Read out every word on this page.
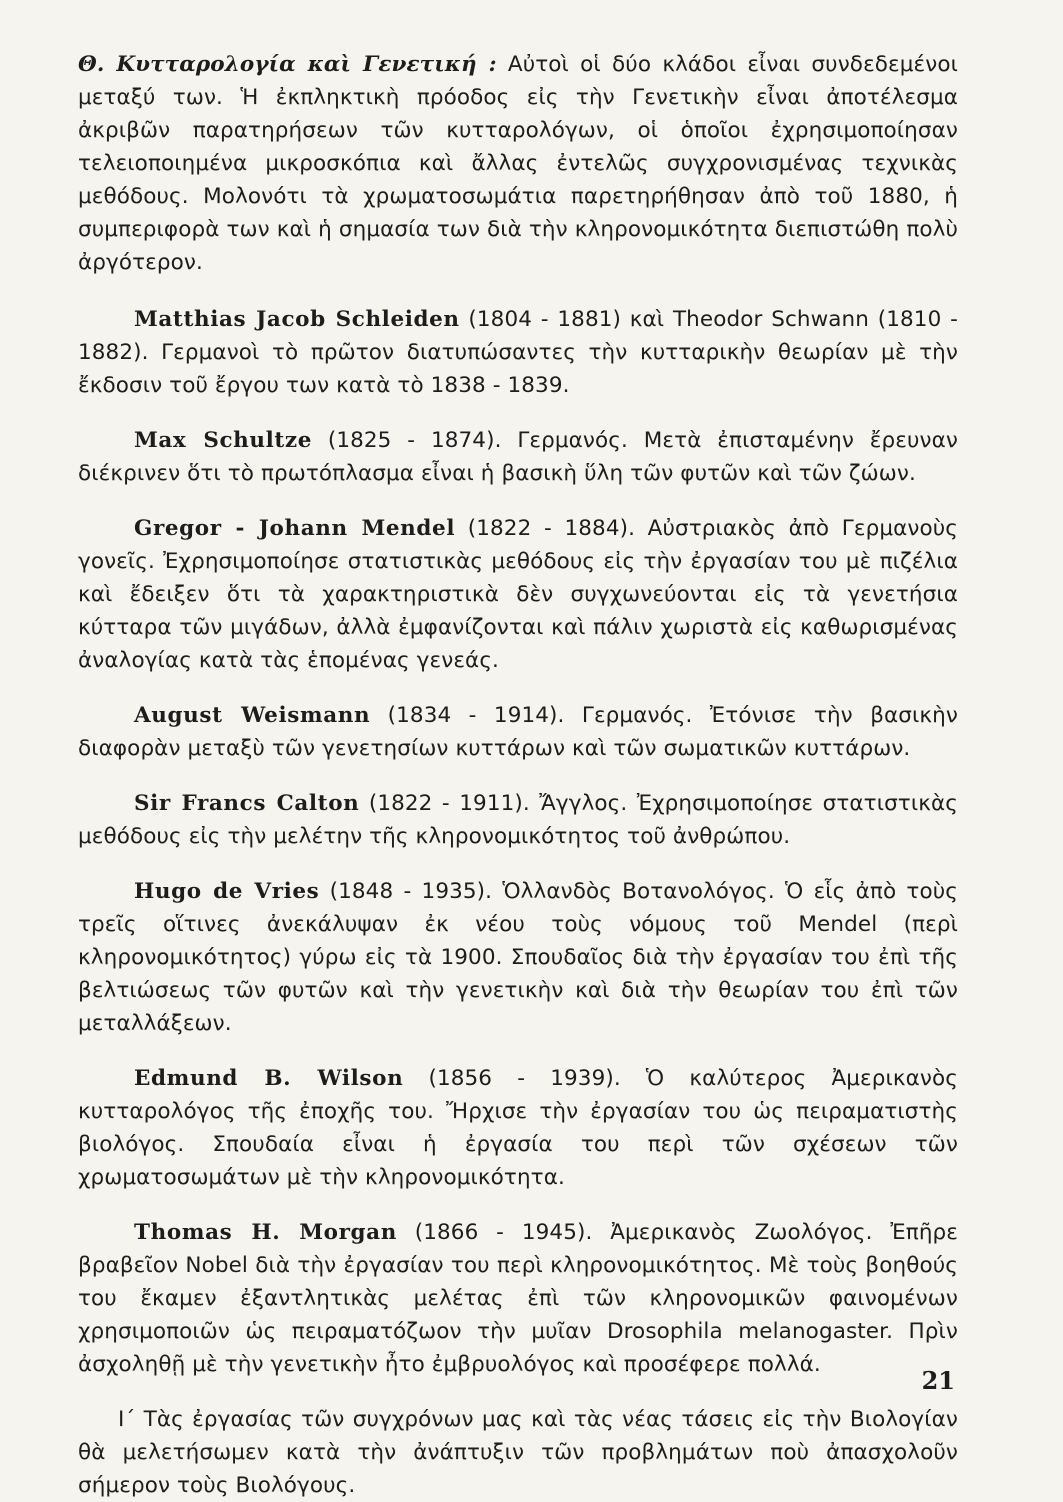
Θ. Κυτταρολογία καὶ Γενετική : Αὐτοὶ οἱ δύο κλάδοι εἶναι συνδεδεμένοι μεταξύ των. Ἡ ἐκπληκτικὴ πρόοδος εἰς τὴν Γενετικὴν εἶναι ἀποτέλεσμα ἀκριβῶν παρατηρήσεων τῶν κυτταρολόγων, οἱ ὁποῖοι ἐχρησιμοποίησαν τελειοποιημένα μικροσκόπια καὶ ἄλλας ἐντελῶς συγχρονισμένας τεχνικὰς μεθόδους. Μολονότι τὰ χρωματοσωμάτια παρετηρήθησαν ἀπὸ τοῦ 1880, ἡ συμπεριφορὰ των καὶ ἡ σημασία των διὰ τὴν κληρονομικότητα διεπιστώθη πολὺ ἀργότερον.

Matthias Jacob Schleiden (1804 - 1881) καὶ Theodor Schwann (1810 - 1882). Γερμανοὶ τὸ πρῶτον διατυπώσαντες τὴν κυτταρικὴν θεωρίαν μὲ τὴν ἔκδοσιν τοῦ ἔργου των κατὰ τὸ 1838 - 1839.

Max Schultze (1825 - 1874). Γερμανός. Μετὰ ἐπισταμένην ἔρευναν διέκρινεν ὅτι τὸ πρωτόπλασμα εἶναι ἡ βασικὴ ὕλη τῶν φυτῶν καὶ τῶν ζώων.

Gregor - Johann Mendel (1822 - 1884). Αὐστριακὸς ἀπὸ Γερμανοὺς γονεῖς. Ἐχρησιμοποίησε στατιστικὰς μεθόδους εἰς τὴν ἐργασίαν του μὲ πιζέλια καὶ ἔδειξεν ὅτι τὰ χαρακτηριστικὰ δὲν συγχωνεύονται εἰς τὰ γενετήσια κύτταρα τῶν μιγάδων, ἀλλὰ ἐμφανίζονται καὶ πάλιν χωριστὰ εἰς καθωρισμένας ἀναλογίας κατὰ τὰς ἑπομένας γενεάς.

August Weismann (1834 - 1914). Γερμανός. Ἐτόνισε τὴν βασικὴν διαφορὰν μεταξὺ τῶν γενετησίων κυττάρων καὶ τῶν σωματικῶν κυττάρων.

Sir Francs Calton (1822 - 1911). Ἄγγλος. Ἐχρησιμοποίησε στατιστικὰς μεθόδους εἰς τὴν μελέτην τῆς κληρονομικότητος τοῦ ἀνθρώπου.

Hugo de Vries (1848 - 1935). Ὁλλανδὸς Βοτανολόγος. Ὁ εἷς ἀπὸ τοὺς τρεῖς οἵτινες ἀνεκάλυψαν ἐκ νέου τοὺς νόμους τοῦ Mendel (περὶ κληρονομικότητος) γύρω εἰς τὰ 1900. Σπουδαῖος διὰ τὴν ἐργασίαν του ἐπὶ τῆς βελτιώσεως τῶν φυτῶν καὶ τὴν γενετικὴν καὶ διὰ τὴν θεωρίαν του ἐπὶ τῶν μεταλλάξεων.

Edmund B. Wilson (1856 - 1939). Ὁ καλύτερος Ἀμερικανὸς κυτταρολόγος τῆς ἐποχῆς του. Ἤρχισε τὴν ἐργασίαν του ὡς πειραματιστὴς βιολόγος. Σπουδαία εἶναι ἡ ἐργασία του περὶ τῶν σχέσεων τῶν χρωματοσωμάτων μὲ τὴν κληρονομικότητα.

Thomas H. Morgan (1866 - 1945). Ἀμερικανὸς Ζωολόγος. Ἐπῆρε βραβεῖον Nobel διὰ τὴν ἐργασίαν του περὶ κληρονομικότητος. Μὲ τοὺς βοηθούς του ἔκαμεν ἐξαντλητικὰς μελέτας ἐπὶ τῶν κληρονομικῶν φαινομένων χρησιμοποιῶν ὡς πειραματόζωον τὴν μυῖαν Drosophila melanogaster. Πρὶν ἀσχοληθῇ μὲ τὴν γενετικὴν ἦτο ἐμβρυολόγος καὶ προσέφερε πολλά.

Ι΄ Τὰς ἐργασίας τῶν συγχρόνων μας καὶ τὰς νέας τάσεις εἰς τὴν Βιολογίαν θὰ μελετήσωμεν κατὰ τὴν ἀνάπτυξιν τῶν προβλημάτων ποὺ ἀπασχολοῦν σήμερον τοὺς Βιολόγους.

21
